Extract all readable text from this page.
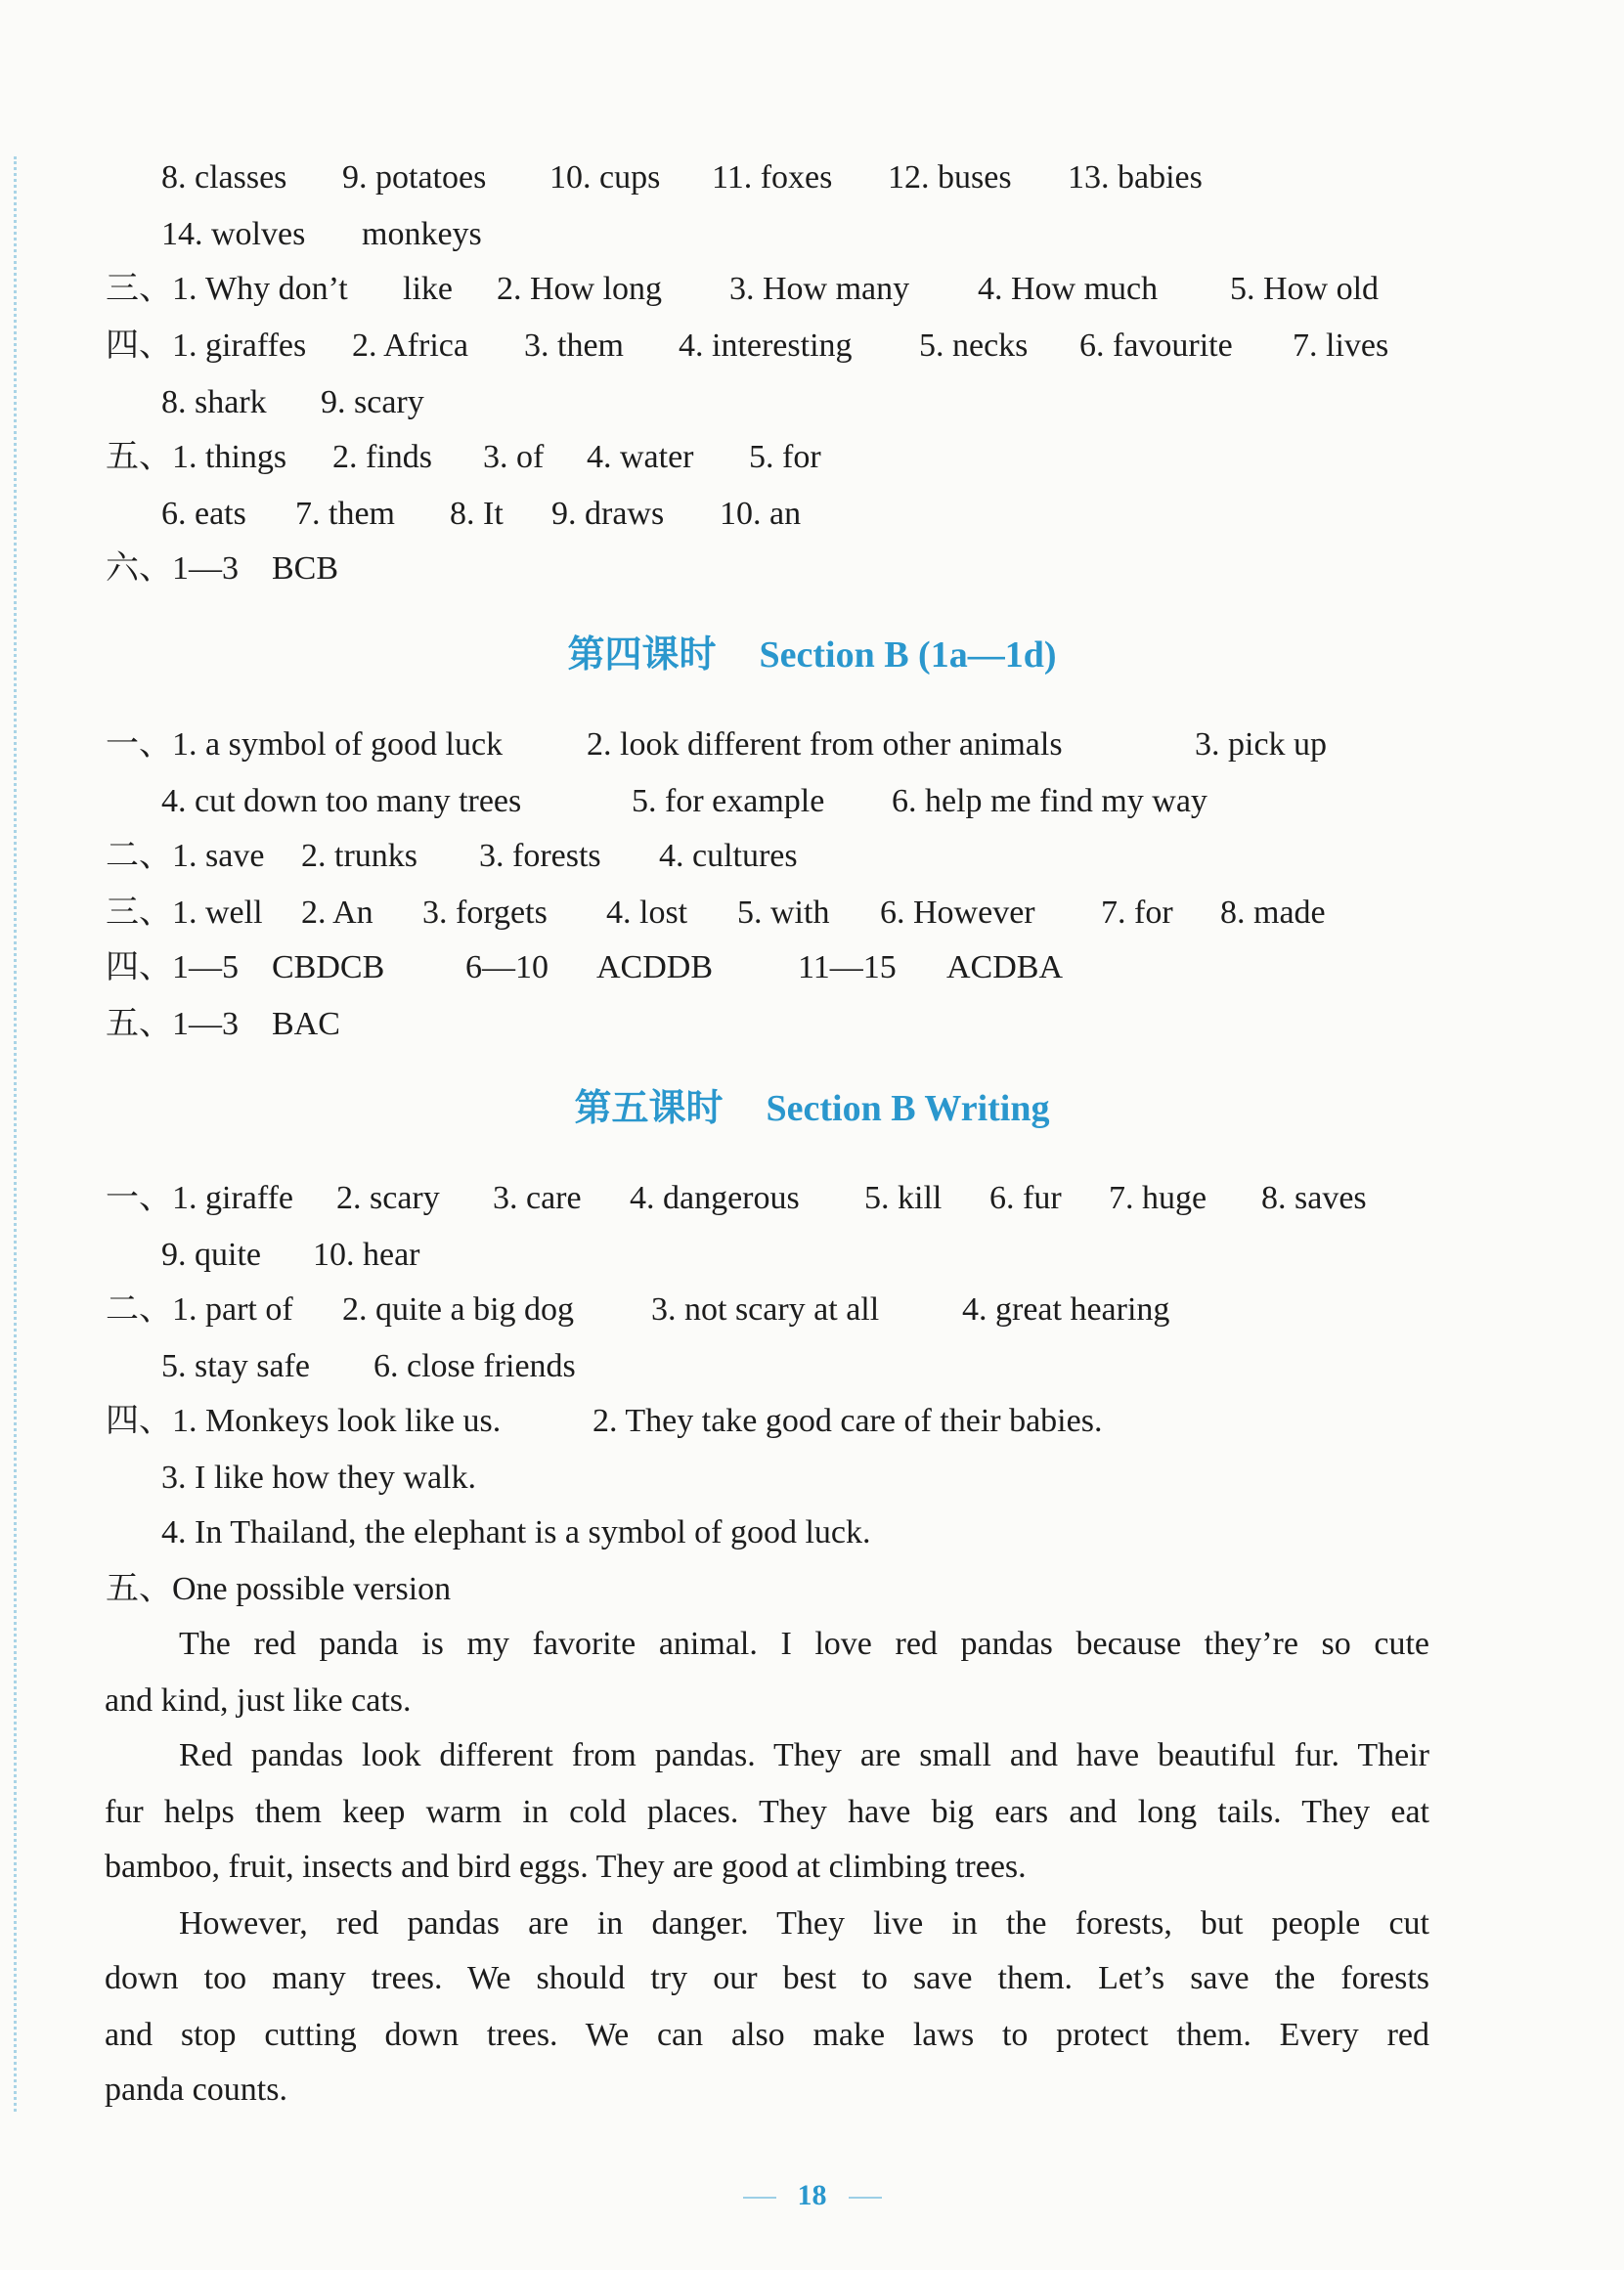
8. classes 9. potatoes 10. cups 11. foxes 12. buses 13. babies
14. wolves monkeys
三、1. Why don’t like 2. How long 3. How many 4. How much 5. How old
四、1. giraffes 2. Africa 3. them 4. interesting 5. necks 6. favourite 7. lives
8. shark 9. scary
五、1. things 2. finds 3. of 4. water 5. for
6. eats 7. them 8. It 9. draws 10. an
六、1—3 BCB
第四课时 Section B (1a—1d)
一、1. a symbol of good luck	2. look different from other animals	3. pick up
4. cut down too many trees	5. for example 6. help me find my way
二、1. save 2. trunks 3. forests 4. cultures
三、1. well 2. An 3. forgets 4. lost 5. with 6. However 7. for 8. made
四、1—5 CBDCB 6—10 ACDDB	11—15 ACDBA
五、1—3 BAC
第五课时 Section B Writing
一、1. giraffe 2. scary 3. care 4. dangerous 5. kill 6. fur 7. huge 8. saves
9. quite 10. hear
二、1. part of 2. quite a big dog 3. not scary at all 4. great hearing
5. stay safe 6. close friends
四、1. Monkeys look like us.	2. They take good care of their babies.
3. I like how they walk.
4. In Thailand, the elephant is a symbol of good luck.
五、One possible version
The red panda is my favorite animal. I love red pandas because they’re so cute
and kind, just like cats.
Red pandas look different from pandas. They are small and have beautiful fur. Their
fur helps them keep warm in cold places. They have big ears and long tails. They eat
bamboo, fruit, insects and bird eggs. They are good at climbing trees.
However, red pandas are in danger. They live in the forests, but people cut
down too many trees. We should try our best to save them. Let’s save the forests
and stop cutting down trees. We can also make laws to protect them. Every red
panda counts.
18
